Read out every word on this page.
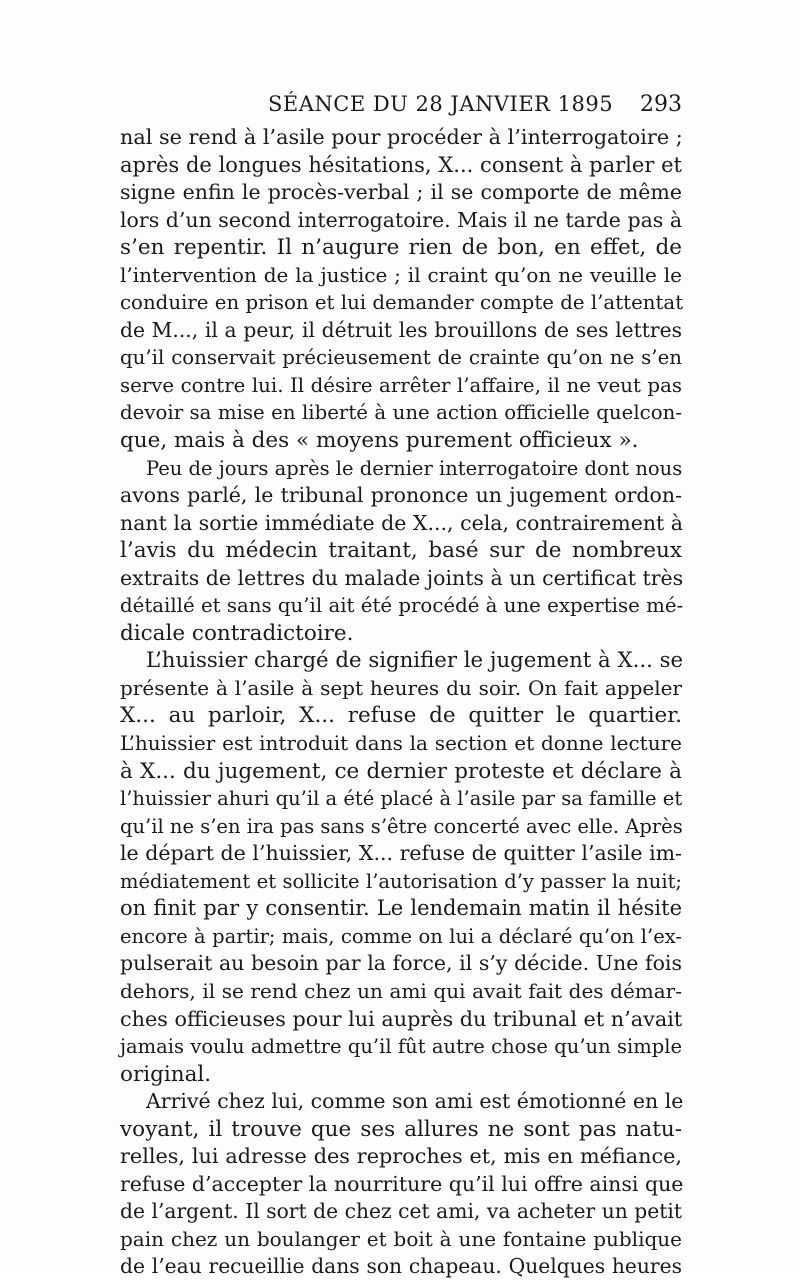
SÉANCE DU 28 JANVIER 1895 293
nal se rend à l’asile pour procéder à l’interrogatoire ;
après de longues hésitations, X... consent à parler et
signe enfin le procès-verbal ; il se comporte de même
lors d’un second interrogatoire. Mais il ne tarde pas à
s’en repentir. Il n’augure rien de bon, en effet, de
l’intervention de la justice ; il craint qu’on ne veuille le
conduire en prison et lui demander compte de l’attentat
de M..., il a peur, il détruit les brouillons de ses lettres
qu’il conservait précieusement de crainte qu’on ne s’en
serve contre lui. Il désire arrêter l’affaire, il ne veut pas
devoir sa mise en liberté à une action officielle quelcon-
que, mais à des « moyens purement officieux ».
Peu de jours après le dernier interrogatoire dont nous
avons parlé, le tribunal prononce un jugement ordon-
nant la sortie immédiate de X..., cela, contrairement à
l’avis du médecin traitant, basé sur de nombreux
extraits de lettres du malade joints à un certificat très
détaillé et sans qu’il ait été procédé à une expertise mé-
dicale contradictoire.
L’huissier chargé de signifier le jugement à X... se
présente à l’asile à sept heures du soir. On fait appeler
X... au parloir, X... refuse de quitter le quartier.
L’huissier est introduit dans la section et donne lecture
à X... du jugement, ce dernier proteste et déclare à
l’huissier ahuri qu’il a été placé à l’asile par sa famille et
qu’il ne s’en ira pas sans s’être concerté avec elle. Après
le départ de l’huissier, X... refuse de quitter l’asile im-
médiatement et sollicite l’autorisation d’y passer la nuit;
on finit par y consentir. Le lendemain matin il hésite
encore à partir; mais, comme on lui a déclaré qu’on l’ex-
pulserait au besoin par la force, il s’y décide. Une fois
dehors, il se rend chez un ami qui avait fait des démar-
ches officieuses pour lui auprès du tribunal et n’avait
jamais voulu admettre qu’il fût autre chose qu’un simple
original.
Arrivé chez lui, comme son ami est émotionné en le
voyant, il trouve que ses allures ne sont pas natu-
relles, lui adresse des reproches et, mis en méfiance,
refuse d’accepter la nourriture qu’il lui offre ainsi que
de l’argent. Il sort de chez cet ami, va acheter un petit
pain chez un boulanger et boit à une fontaine publique
de l’eau recueillie dans son chapeau. Quelques heures
